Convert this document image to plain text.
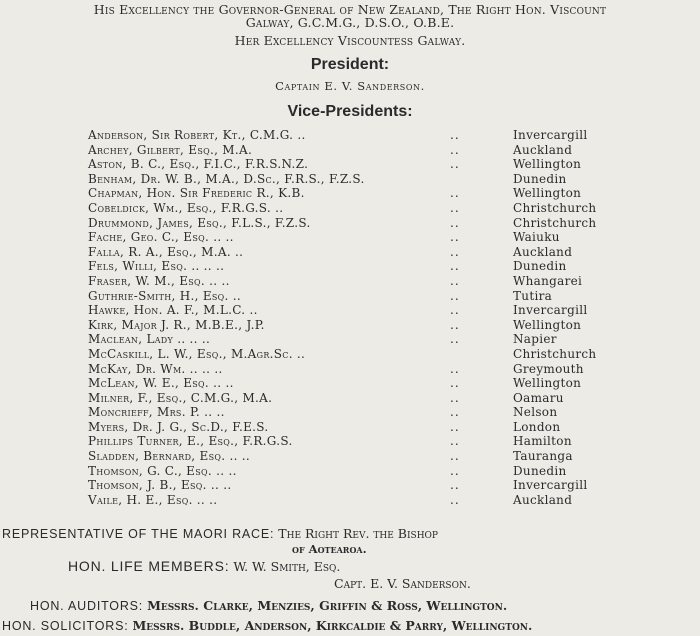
His Excellency the Governor-General of New Zealand, The Right Hon. Viscount
Galway, G.C.M.G., D.S.O., O.B.E.
Her Excellency Viscountess Galway.
President:
Captain E. V. Sanderson.
Vice-Presidents:
Anderson, Sir Robert, Kt., C.M.G. ..	..	Invercargill
Archey, Gilbert, Esq., M.A.	..	Auckland
Aston, B. C., Esq., F.I.C., F.R.S.N.Z.	..	Wellington
Benham, Dr. W. B., M.A., D.Sc., F.R.S., F.Z.S.	Dunedin
Chapman, Hon. Sir Frederic R., K.B.	..	Wellington
Cobeldick, Wm., Esq., F.R.G.S. ..	..	Christchurch
Drummond, James, Esq., F.L.S., F.Z.S.	..	Christchurch
Fache, Geo. C., Esq. .. ..	..	Waiuku
Falla, R. A., Esq., M.A. ..	..	Auckland
Fels, Willi, Esq. .. .. ..	..	Dunedin
Fraser, W. M., Esq. .. ..	..	Whangarei
Guthrie-Smith, H., Esq. ..	..	Tutira
Hawke, Hon. A. F., M.L.C. ..	..	Invercargill
Kirk, Major J. R., M.B.E., J.P.	..	Wellington
Maclean, Lady .. .. ..	..	Napier
McCaskill, L. W., Esq., M.Agr.Sc. ..	Christchurch
McKay, Dr. Wm. .. .. ..	..	Greymouth
McLean, W. E., Esq. .. ..	..	Wellington
Milner, F., Esq., C.M.G., M.A.	..	Oamaru
Moncrieff, Mrs. P. .. ..	..	Nelson
Myers, Dr. J. G., Sc.D., F.E.S.	..	London
Phillips Turner, E., Esq., F.R.G.S.	..	Hamilton
Sladden, Bernard, Esq. .. ..	..	Tauranga
Thomson, G. C., Esq. .. ..	..	Dunedin
Thomson, J. B., Esq. .. ..	..	Invercargill
Vaile, H. E., Esq. .. ..	..	Auckland
REPRESENTATIVE OF THE MAORI RACE: The Right Rev. the Bishop
of Aotearoa.
HON. LIFE MEMBERS: W. W. Smith, Esq.
Capt. E. V. Sanderson.
HON. AUDITORS: Messrs. Clarke, Menzies, Griffin & Ross, Wellington.
HON. SOLICITORS: Messrs. Buddle, Anderson, Kirkcaldie & Parry, Wellington.
